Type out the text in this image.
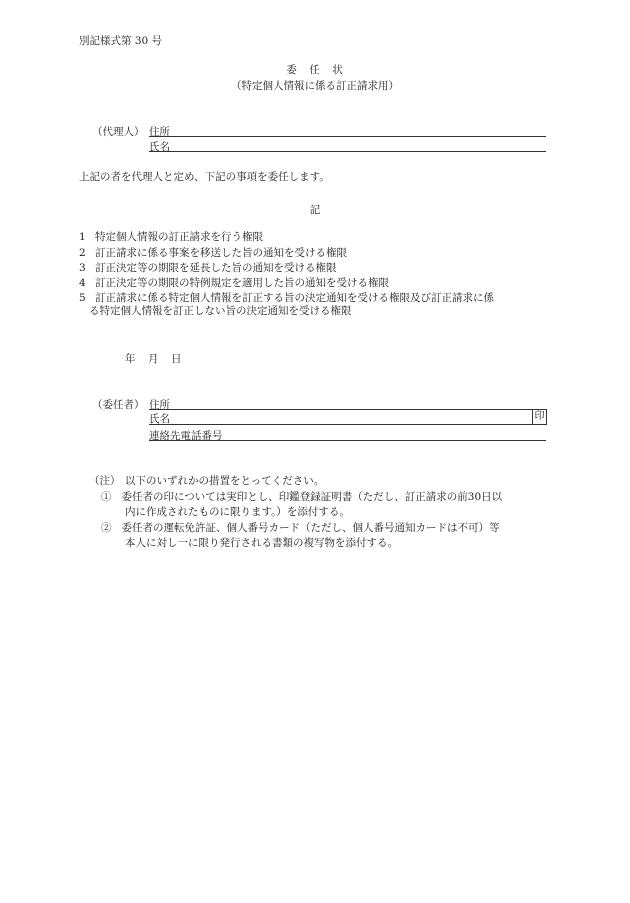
別記様式第 30 号
委　任　状
（特定個人情報に係る訂正請求用）
（代理人） 住所
氏名
上記の者を代理人と定め、下記の事項を委任します。
記
1 特定個人情報の訂正請求を行う権限
2 訂正請求に係る事案を移送した旨の通知を受ける権限
3 訂正決定等の期限を延長した旨の通知を受ける権限
4 訂正決定等の期限の特例規定を適用した旨の通知を受ける権限
5 訂正請求に係る特定個人情報を訂正する旨の決定通知を受ける権限及び訂正請求に係
る特定個人情報を訂正しない旨の決定通知を受ける権限
年　月　日
（委任者） 住所
氏名	印
連絡先電話番号
（注） 以下のいずれかの措置をとってください。
① 委任者の印については実印とし、印鑑登録証明書（ただし、訂正請求の前30日以
内に作成されたものに限ります。）を添付する。
② 委任者の運転免許証、個人番号カード（ただし、個人番号通知カードは不可）等
本人に対し一に限り発行される書類の複写物を添付する。
